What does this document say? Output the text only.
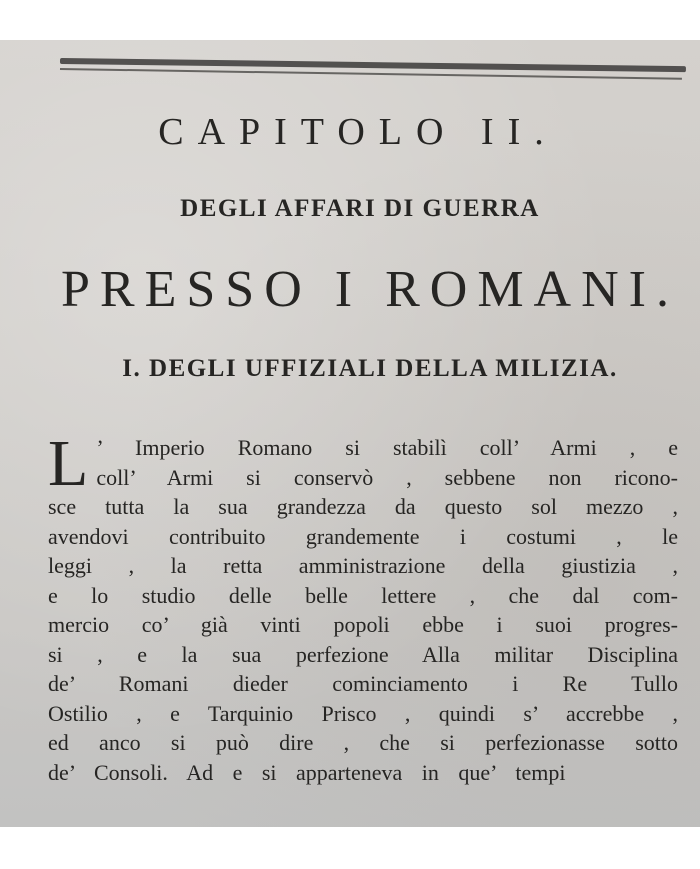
CAPITOLO II.
DEGLI AFFARI DI GUERRA
PRESSO I ROMANI.
I. DEGLI UFFIZIALI DELLA MILIZIA.
L ’ Imperio Romano si stabilì coll’ Armi , e
coll’ Armi si conservò , sebbene non ricono-
sce tutta la sua grandezza da questo sol mezzo ,
avendovi contribuito grandemente i costumi , le
leggi , la retta amministrazione della giustizia ,
e lo studio delle belle lettere , che dal com-
mercio co’ già vinti popoli ebbe i suoi progres-
si , e la sua perfezione Alla militar Disciplina
de’ Romani dieder cominciamento i Re Tullo
Ostilio , e Tarquinio Prisco , quindi s’ accrebbe ,
ed anco si può dire , che si perfezionasse sotto
de’ Consoli. Ad e si apparteneva in que’ tempi
